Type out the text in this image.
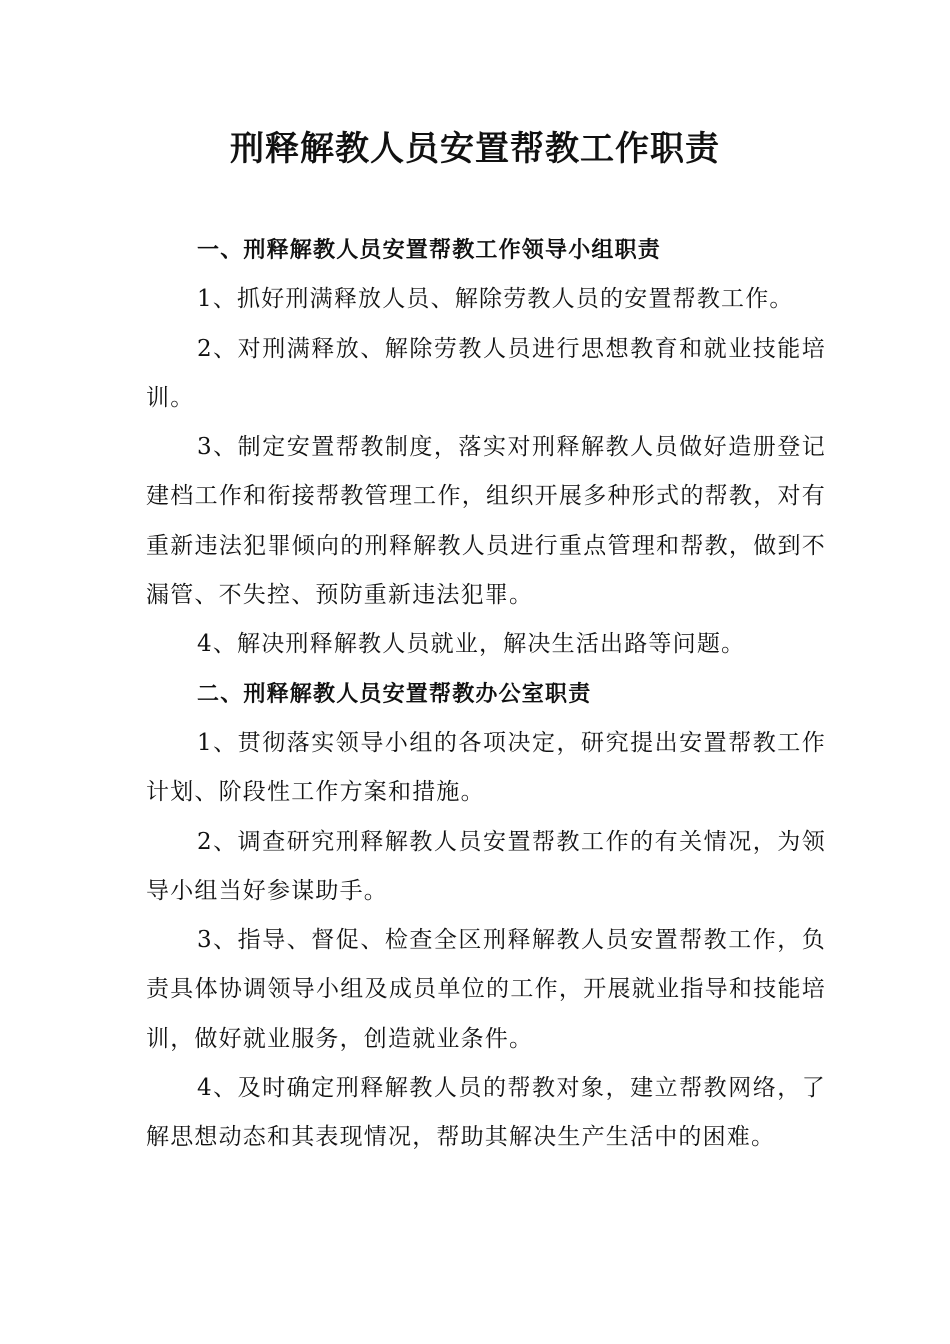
刑释解教人员安置帮教工作职责
一、刑释解教人员安置帮教工作领导小组职责

1、抓好刑满释放人员、解除劳教人员的安置帮教工作。

2、对刑满释放、解除劳教人员进行思想教育和就业技能培训。

3、制定安置帮教制度，落实对刑释解教人员做好造册登记建档工作和衔接帮教管理工作，组织开展多种形式的帮教，对有重新违法犯罪倾向的刑释解教人员进行重点管理和帮教，做到不漏管、不失控、预防重新违法犯罪。

4、解决刑释解教人员就业，解决生活出路等问题。

二、刑释解教人员安置帮教办公室职责

1、贯彻落实领导小组的各项决定，研究提出安置帮教工作计划、阶段性工作方案和措施。

2、调查研究刑释解教人员安置帮教工作的有关情况，为领导小组当好参谋助手。

3、指导、督促、检查全区刑释解教人员安置帮教工作，负责具体协调领导小组及成员单位的工作，开展就业指导和技能培训，做好就业服务，创造就业条件。

4、及时确定刑释解教人员的帮教对象，建立帮教网络，了解思想动态和其表现情况，帮助其解决生产生活中的困难。
